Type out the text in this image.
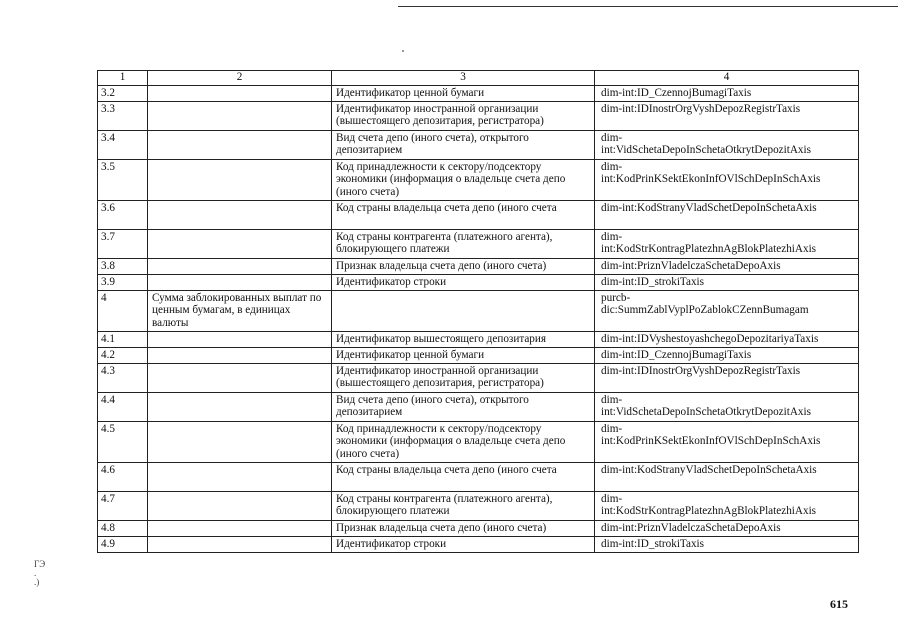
1	2	3	4
3.2		Идентификатор ценной бумаги	dim-int:ID_CzennojBumagiTaxis
3.3		Идентификатор иностранной организации (вышестоящего депозитария, регистратора)	dim-int:IDInostrOrgVyshDepozRegistrTaxis
3.4		Вид счета депо (иного счета), открытого депозитарием	dim-
int:VidSchetaDepoInSchetaOtkrytDepozitAxis
3.5		Код принадлежности к сектору/подсектору экономики (информация о владельце счета депо (иного счета)	dim-
int:KodPrinKSektEkonInfOVlSchDepInSchAxis
3.6		Код страны владельца счета депо (иного счета	dim-int:KodStranyVladSchetDepoInSchetaAxis
3.7		Код страны контрагента (платежного агента), блокирующего платежи	dim-
int:KodStrKontragPlatezhnAgBlokPlatezhiAxis
3.8		Признак владельца счета депо (иного счета)	dim-int:PriznVladelczaSchetaDepoAxis
3.9		Идентификатор строки	dim-int:ID_strokiTaxis
4	Сумма заблокированных выплат по ценным бумагам, в единицах валюты		purcb-
dic:SummZablVyplPoZablokCZennBumagam
4.1		Идентификатор вышестоящего депозитария	dim-int:IDVyshestoyashchegoDepozitariyaTaxis
4.2		Идентификатор ценной бумаги	dim-int:ID_CzennojBumagiTaxis
4.3		Идентификатор иностранной организации (вышестоящего депозитария, регистратора)	dim-int:IDInostrOrgVyshDepozRegistrTaxis
4.4		Вид счета депо (иного счета), открытого депозитарием	dim-
int:VidSchetaDepoInSchetaOtkrytDepozitAxis
4.5		Код принадлежности к сектору/подсектору экономики (информация о владельце счета депо (иного счета)	dim-
int:KodPrinKSektEkonInfOVlSchDepInSchAxis
4.6		Код страны владельца счета депо (иного счета	dim-int:KodStranyVladSchetDepoInSchetaAxis
4.7		Код страны контрагента (платежного агента), блокирующего платежи	dim-
int:KodStrKontragPlatezhnAgBlokPlatezhiAxis
4.8		Признак владельца счета депо (иного счета)	dim-int:PriznVladelczaSchetaDepoAxis
4.9		Идентификатор строки	dim-int:ID_strokiTaxis
615
ГЭ
.
.)
